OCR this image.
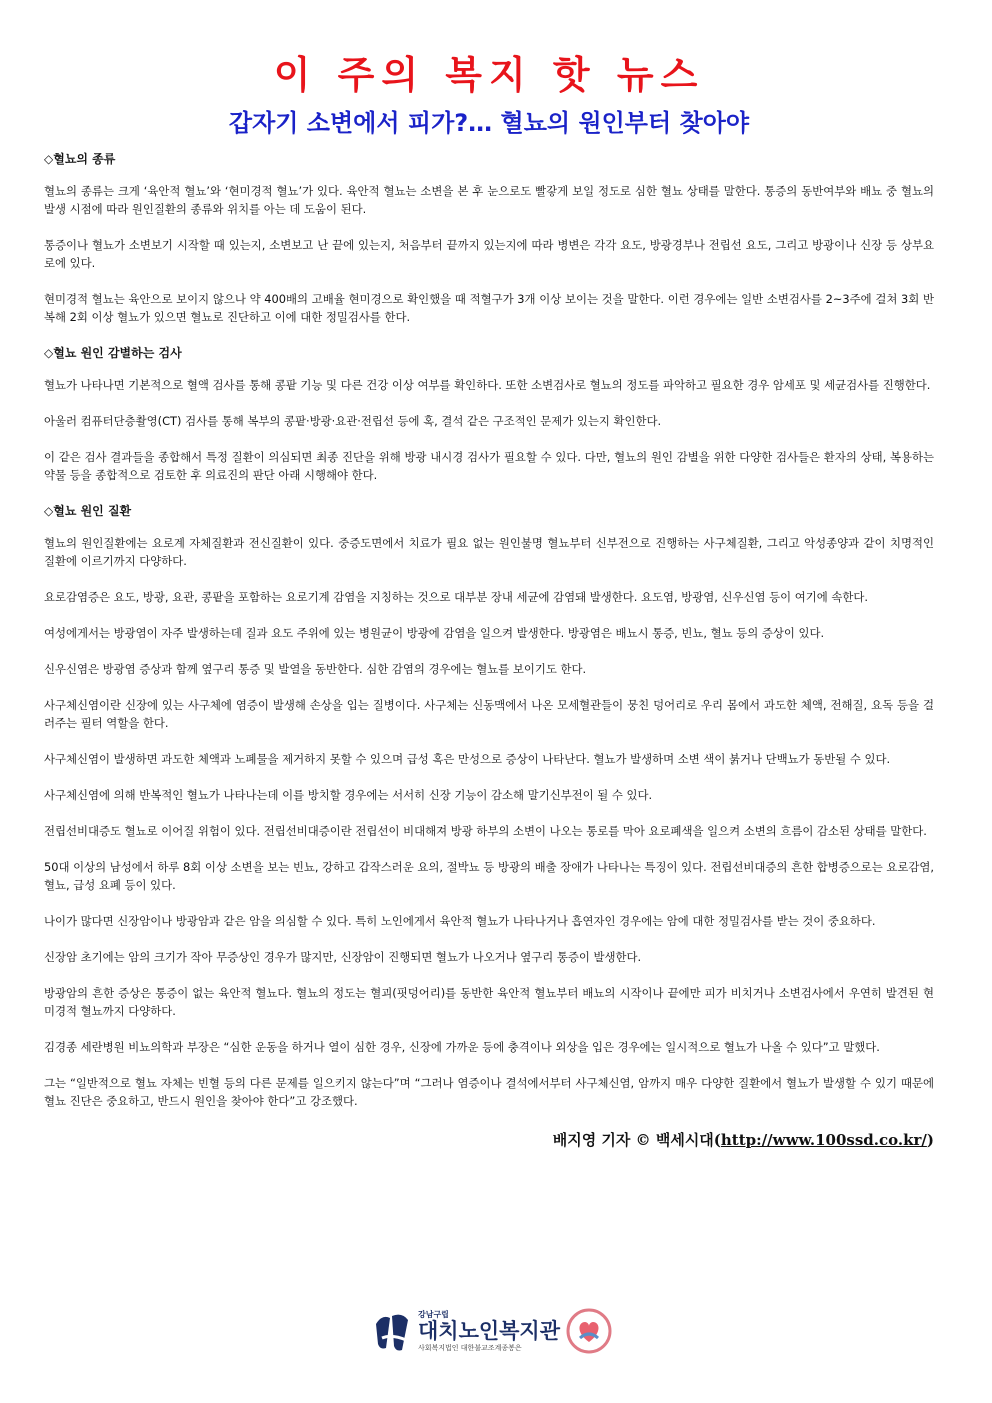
이 주의 복지 핫 뉴스
갑자기 소변에서 피가?… 혈뇨의 원인부터 찾아야
◇혈뇨의 종류

혈뇨의 종류는 크게 ‘육안적 혈뇨’와 ‘현미경적 혈뇨’가 있다. 육안적 혈뇨는 소변을 본 후 눈으로도 빨갛게 보일 정도로 심한 혈뇨 상태를 말한다. 통증의 동반여부와 배뇨 중 혈뇨의 발생 시점에 따라 원인질환의 종류와 위치를 아는 데 도움이 된다.

통증이나 혈뇨가 소변보기 시작할 때 있는지, 소변보고 난 끝에 있는지, 처음부터 끝까지 있는지에 따라 병변은 각각 요도, 방광경부나 전립선 요도, 그리고 방광이나 신장 등 상부요로에 있다.

현미경적 혈뇨는 육안으로 보이지 않으나 약 400배의 고배율 현미경으로 확인했을 때 적혈구가 3개 이상 보이는 것을 말한다. 이런 경우에는 일반 소변검사를 2~3주에 걸쳐 3회 반복해 2회 이상 혈뇨가 있으면 혈뇨로 진단하고 이에 대한 정밀검사를 한다.

◇혈뇨 원인 감별하는 검사

혈뇨가 나타나면 기본적으로 혈액 검사를 통해 콩팥 기능 및 다른 건강 이상 여부를 확인하다. 또한 소변검사로 혈뇨의 정도를 파악하고 필요한 경우 암세포 및 세균검사를 진행한다.

아울러 컴퓨터단층촬영(CT) 검사를 통해 복부의 콩팥·방광·요관·전립선 등에 혹, 결석 같은 구조적인 문제가 있는지 확인한다.

이 같은 검사 결과들을 종합해서 특정 질환이 의심되면 최종 진단을 위해 방광 내시경 검사가 필요할 수 있다. 다만, 혈뇨의 원인 감별을 위한 다양한 검사들은 환자의 상태, 복용하는 약물 등을 종합적으로 검토한 후 의료진의 판단 아래 시행해야 한다.

◇혈뇨 원인 질환

혈뇨의 원인질환에는 요로계 자체질환과 전신질환이 있다. 중증도면에서 치료가 필요 없는 원인불명 혈뇨부터 신부전으로 진행하는 사구체질환, 그리고 악성종양과 같이 치명적인 질환에 이르기까지 다양하다.

요로감염증은 요도, 방광, 요관, 콩팥을 포함하는 요로기계 감염을 지칭하는 것으로 대부분 장내 세균에 감염돼 발생한다. 요도염, 방광염, 신우신염 등이 여기에 속한다.

여성에게서는 방광염이 자주 발생하는데 질과 요도 주위에 있는 병원균이 방광에 감염을 일으켜 발생한다. 방광염은 배뇨시 통증, 빈뇨, 혈뇨 등의 증상이 있다.

신우신염은 방광염 증상과 함께 옆구리 통증 및 발열을 동반한다. 심한 감염의 경우에는 혈뇨를 보이기도 한다.

사구체신염이란 신장에 있는 사구체에 염증이 발생해 손상을 입는 질병이다. 사구체는 신동맥에서 나온 모세혈관들이 뭉친 덩어리로 우리 몸에서 과도한 체액, 전해질, 요독 등을 걸러주는 필터 역할을 한다.

사구체신염이 발생하면 과도한 체액과 노폐물을 제거하지 못할 수 있으며 급성 혹은 만성으로 증상이 나타난다. 혈뇨가 발생하며 소변 색이 붉거나 단백뇨가 동반될 수 있다.

사구체신염에 의해 반복적인 혈뇨가 나타나는데 이를 방치할 경우에는 서서히 신장 기능이 감소해 말기신부전이 될 수 있다.

전립선비대증도 혈뇨로 이어질 위험이 있다. 전립선비대증이란 전립선이 비대해져 방광 하부의 소변이 나오는 통로를 막아 요로폐색을 일으켜 소변의 흐름이 감소된 상태를 말한다.

50대 이상의 남성에서 하루 8회 이상 소변을 보는 빈뇨, 강하고 갑작스러운 요의, 절박뇨 등 방광의 배출 장애가 나타나는 특징이 있다. 전립선비대증의 흔한 합병증으로는 요로감염, 혈뇨, 급성 요폐 등이 있다.

나이가 많다면 신장암이나 방광암과 같은 암을 의심할 수 있다. 특히 노인에게서 육안적 혈뇨가 나타나거나 흡연자인 경우에는 암에 대한 정밀검사를 받는 것이 중요하다.

신장암 초기에는 암의 크기가 작아 무증상인 경우가 많지만, 신장암이 진행되면 혈뇨가 나오거나 옆구리 통증이 발생한다.

방광암의 흔한 증상은 통증이 없는 육안적 혈뇨다. 혈뇨의 정도는 혈괴(핏덩어리)를 동반한 육안적 혈뇨부터 배뇨의 시작이나 끝에만 피가 비치거나 소변검사에서 우연히 발견된 현미경적 혈뇨까지 다양하다.

김경종 세란병원 비뇨의학과 부장은 “심한 운동을 하거나 열이 심한 경우, 신장에 가까운 등에 충격이나 외상을 입은 경우에는 일시적으로 혈뇨가 나올 수 있다”고 말했다.

그는 “일반적으로 혈뇨 자체는 빈혈 등의 다른 문제를 일으키지 않는다”며 “그러나 염증이나 결석에서부터 사구체신염, 암까지 매우 다양한 질환에서 혈뇨가 발생할 수 있기 때문에 혈뇨 진단은 중요하고, 반드시 원인을 찾아야 한다”고 강조했다.

배지영 기자 © 백세시대(http://www.100ssd.co.kr/)
강남구립
대치노인복지관
사회복지법인 대한불교조계종봉은
